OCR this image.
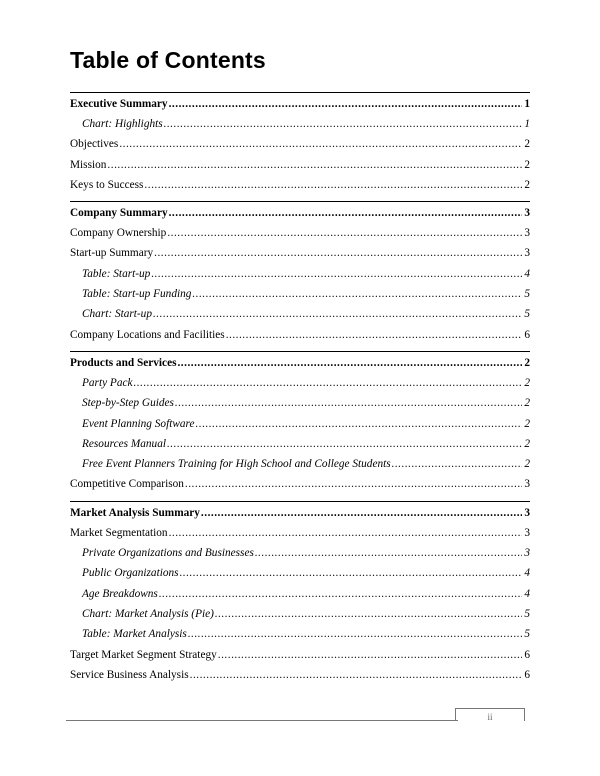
Table of Contents
Executive Summary .....	1
Chart: Highlights .....	1
Objectives .....	2
Mission .....	2
Keys to Success .....	2
Company Summary .....	3
Company Ownership .....	3
Start-up Summary .....	3
Table: Start-up .....	4
Table: Start-up Funding .....	5
Chart: Start-up .....	5
Company Locations and Facilities .....	6
Products and Services .....	2
Party Pack .....	2
Step-by-Step Guides .....	2
Event Planning Software .....	2
Resources Manual .....	2
Free Event Planners Training for High School and College Students .....	2
Competitive Comparison .....	3
Market Analysis Summary .....	3
Market Segmentation .....	3
Private Organizations and Businesses .....	3
Public Organizations .....	4
Age Breakdowns .....	4
Chart: Market Analysis (Pie) .....	5
Table: Market Analysis .....	5
Target Market Segment Strategy .....	6
Service Business Analysis .....	6
ii
